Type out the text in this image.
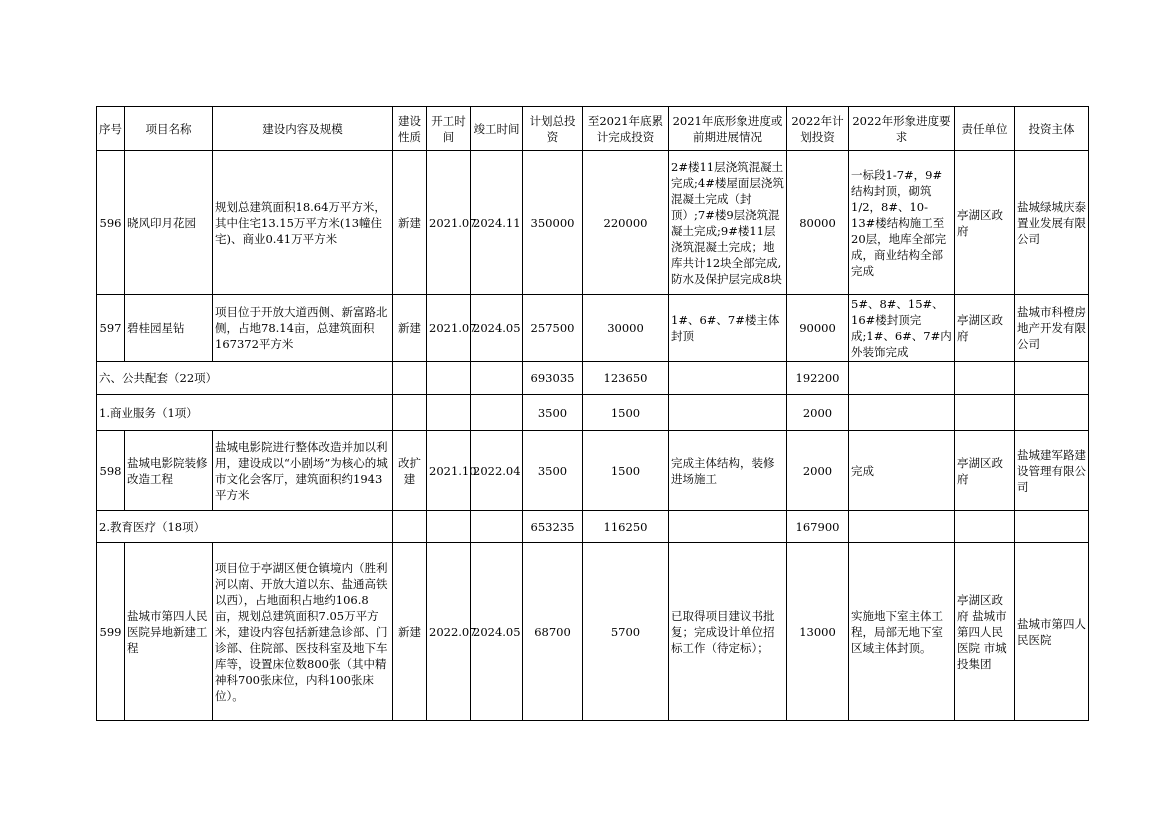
序号	项目名称	建设内容及规模	建设性质	开工时间	竣工时间	计划总投资	至2021年底累计完成投资	2021年底形象进度或前期进展情况	2022年计划投资	2022年形象进度要求	责任单位	投资主体
596	晓风印月花园	规划总建筑面积18.64万平方米，其中住宅13.15万平方米(13幢住宅)、商业0.41万平方米	新建	2021.07	2024.11	350000	220000	2#楼11层浇筑混凝土完成;4#楼屋面层浇筑混凝土完成（封顶）;7#楼9层浇筑混凝土完成;9#楼11层浇筑混凝土完成；地库共计12块全部完成,防水及保护层完成8块	80000	一标段1-7#，9#结构封顶，砌筑1/2，8#、10-13#楼结构施工至20层，地库全部完成，商业结构全部完成	亭湖区政府	盐城绿城庆泰置业发展有限公司
597	碧桂园星钻	项目位于开放大道西侧、新富路北侧，占地78.14亩，总建筑面积167372平方米	新建	2021.07	2024.05	257500	30000	1#、6#、7#楼主体封顶	90000	5#、8#、15#、16#楼封顶完成;1#、6#、7#内外装饰完成	亭湖区政府	盐城市科橙房地产开发有限公司
六、公共配套（22项）						693035	123650		192200			
1.商业服务（1项）						3500	1500		2000			
598	盐城电影院装修改造工程	盐城电影院进行整体改造并加以利用，建设成以“小剧场”为核心的城市文化会客厅，建筑面积约1943平方米	改扩建	2021.10	2022.04	3500	1500	完成主体结构，装修进场施工	2000	完成	亭湖区政府	盐城建军路建设管理有限公司
2.教育医疗（18项）						653235	116250		167900			
599	盐城市第四人民医院异地新建工程	项目位于亭湖区便仓镇境内（胜利河以南、开放大道以东、盐通高铁以西），占地面积占地约106.8亩，规划总建筑面积7.05万平方米，建设内容包括新建急诊部、门诊部、住院部、医技科室及地下车库等，设置床位数800张（其中精神科700张床位，内科100张床位）。	新建	2022.07	2024.05	68700	5700	已取得项目建议书批复；完成设计单位招标工作（待定标）；	13000	实施地下室主体工程，局部无地下室区域主体封顶。	亭湖区政府 盐城市第四人民医院 市城投集团	盐城市第四人民医院
